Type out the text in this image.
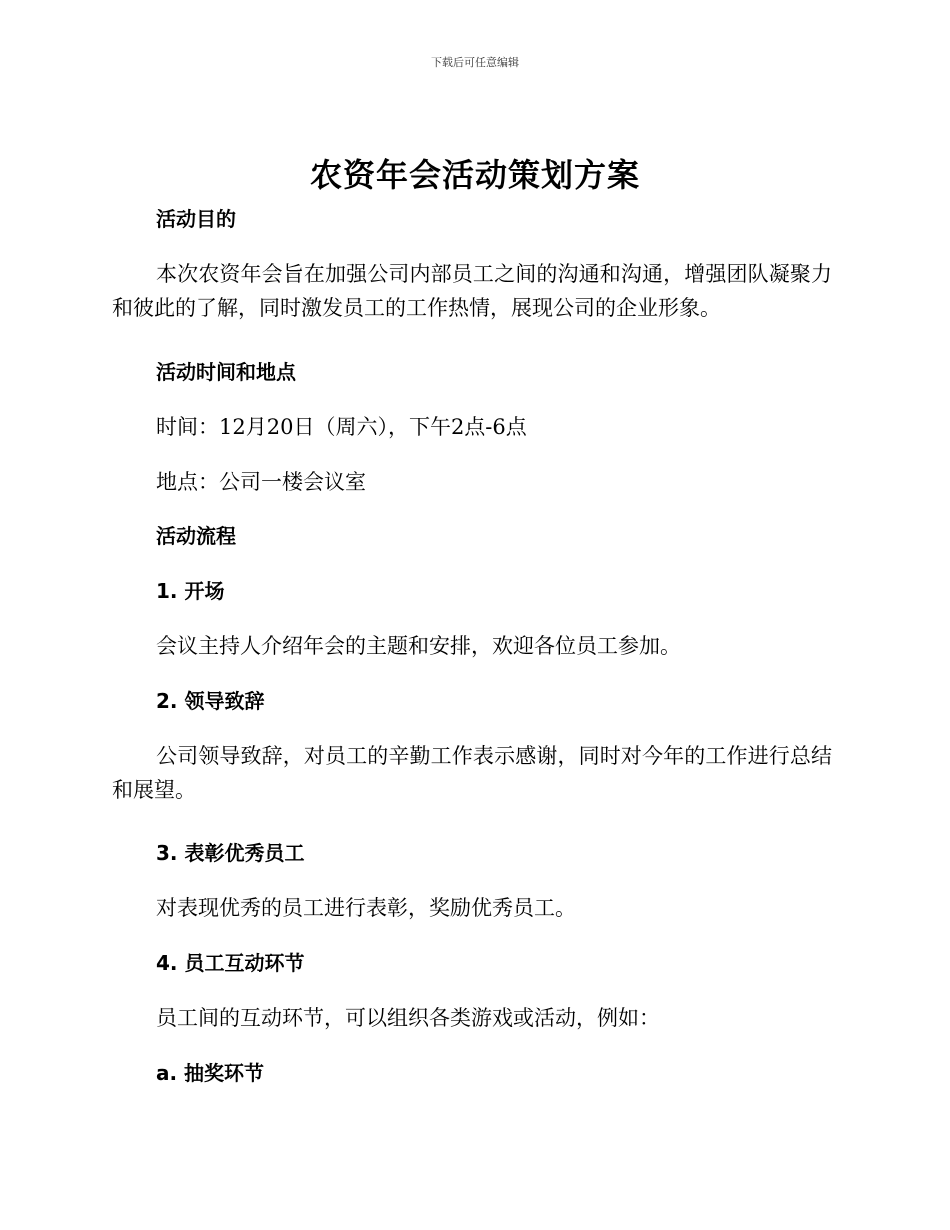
下载后可任意编辑
农资年会活动策划方案
活动目的
本次农资年会旨在加强公司内部员工之间的沟通和沟通，增强团队凝聚力和彼此的了解，同时激发员工的工作热情，展现公司的企业形象。
活动时间和地点
时间：12月20日（周六），下午2点-6点
地点：公司一楼会议室
活动流程
1. 开场
会议主持人介绍年会的主题和安排，欢迎各位员工参加。
2. 领导致辞
公司领导致辞，对员工的辛勤工作表示感谢，同时对今年的工作进行总结和展望。
3. 表彰优秀员工
对表现优秀的员工进行表彰，奖励优秀员工。
4. 员工互动环节
员工间的互动环节，可以组织各类游戏或活动，例如：
a. 抽奖环节
